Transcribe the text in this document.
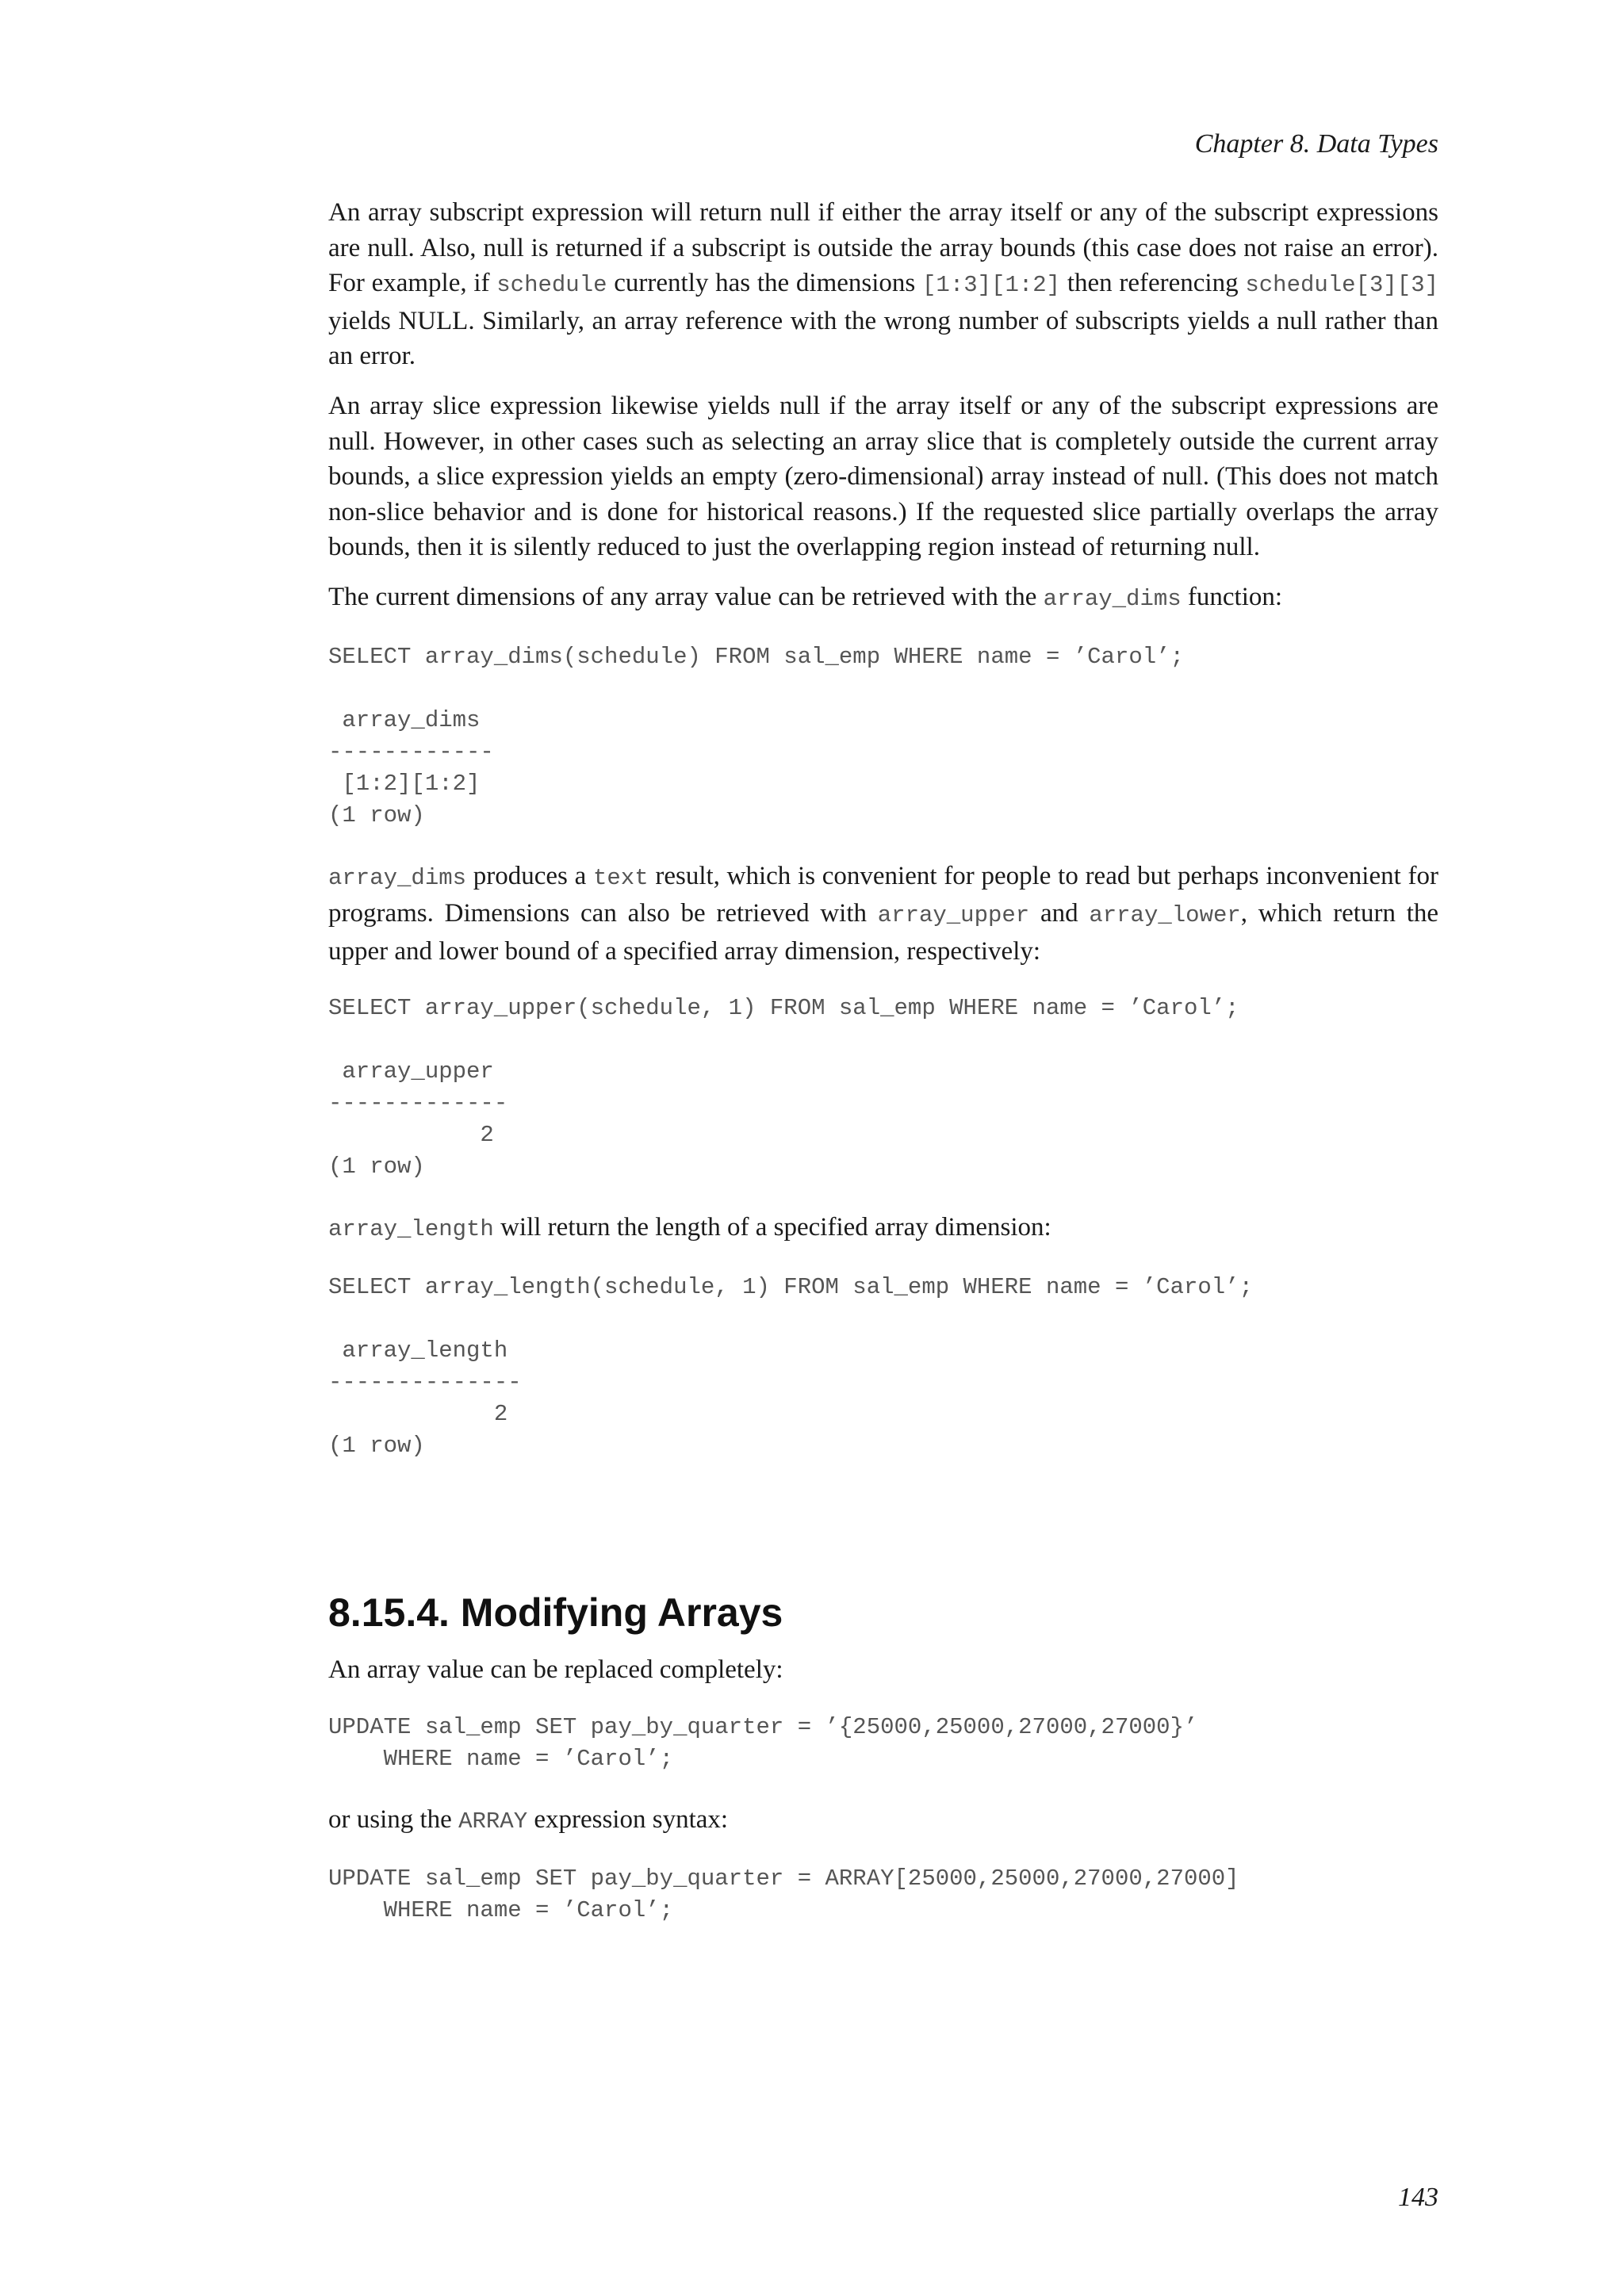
Chapter 8. Data Types

An array subscript expression will return null if either the array itself or any of the subscript expressions are null. Also, null is returned if a subscript is outside the array bounds (this case does not raise an error). For example, if schedule currently has the dimensions [1:3][1:2] then referencing schedule[3][3] yields NULL. Similarly, an array reference with the wrong number of subscripts yields a null rather than an error.

An array slice expression likewise yields null if the array itself or any of the subscript expressions are null. However, in other cases such as selecting an array slice that is completely outside the current array bounds, a slice expression yields an empty (zero-dimensional) array instead of null. (This does not match non-slice behavior and is done for historical reasons.) If the requested slice partially overlaps the array bounds, then it is silently reduced to just the overlapping region instead of returning null.

The current dimensions of any array value can be retrieved with the array_dims function:

SELECT array_dims(schedule) FROM sal_emp WHERE name = ’Carol’;

array_dims
------------
[1:2][1:2]
(1 row)

array_dims produces a text result, which is convenient for people to read but perhaps inconvenient for programs. Dimensions can also be retrieved with array_upper and array_lower, which return the upper and lower bound of a specified array dimension, respectively:

SELECT array_upper(schedule, 1) FROM sal_emp WHERE name = ’Carol’;

array_upper
-------------
2
(1 row)

array_length will return the length of a specified array dimension:

SELECT array_length(schedule, 1) FROM sal_emp WHERE name = ’Carol’;

array_length
--------------
2
(1 row)
8.15.4. Modifying Arrays

An array value can be replaced completely:

UPDATE sal_emp SET pay_by_quarter = ’{25000,25000,27000,27000}’
WHERE name = ’Carol’;

or using the ARRAY expression syntax:

UPDATE sal_emp SET pay_by_quarter = ARRAY[25000,25000,27000,27000]
WHERE name = ’Carol’;
143
